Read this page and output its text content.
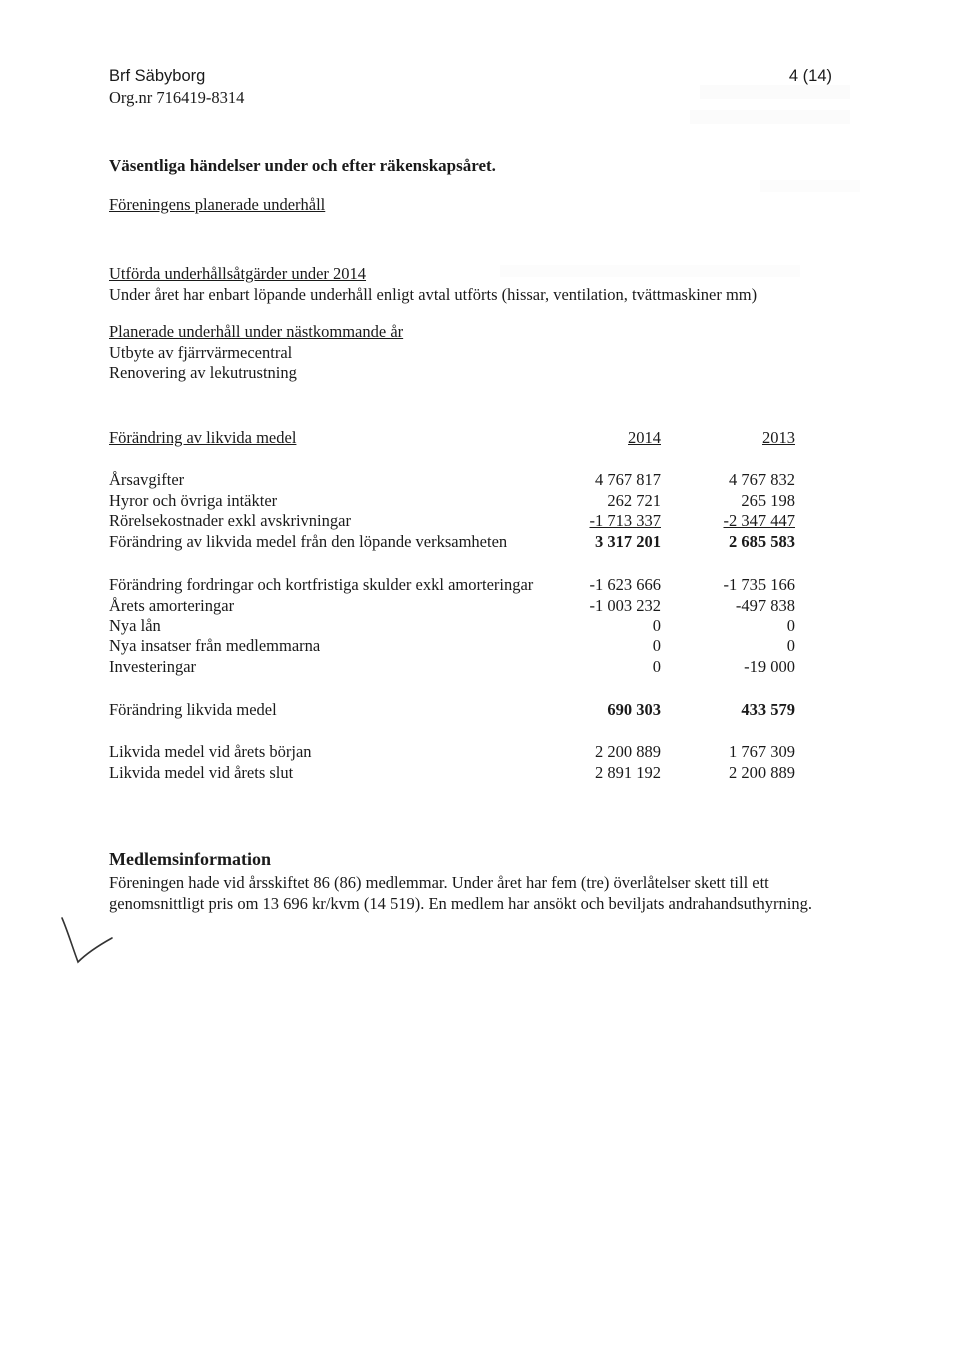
Brf Säbyborg
Org.nr 716419-8314
4 (14)
Väsentliga händelser under och efter räkenskapsåret.
Föreningens planerade underhåll
Utförda underhållsåtgärder under 2014
Under året har enbart löpande underhåll enligt avtal utförts (hissar, ventilation, tvättmaskiner mm)
Planerade underhåll under nästkommande år
Utbyte av fjärrvärmecentral
Renovering av lekutrustning
Förändring av likvida medel	2014	2013
Årsavgifter	4 767 817	4 767 832
Hyror och övriga intäkter	262 721	265 198
Rörelsekostnader exkl avskrivningar	-1 713 337	-2 347 447
Förändring av likvida medel från den löpande verksamheten	3 317 201	2 685 583
Förändring fordringar och kortfristiga skulder exkl amorteringar	-1 623 666	-1 735 166
Årets amorteringar	-1 003 232	-497 838
Nya lån	0	0
Nya insatser från medlemmarna	0	0
Investeringar	0	-19 000
Förändring likvida medel	690 303	433 579
Likvida medel vid årets början	2 200 889	1 767 309
Likvida medel vid årets slut	2 891 192	2 200 889
Medlemsinformation
Föreningen hade vid årsskiftet 86 (86) medlemmar. Under året har fem (tre) överlåtelser skett till ett genomsnittligt pris om 13 696 kr/kvm (14 519). En medlem har ansökt och beviljats andrahandsuthyrning.
